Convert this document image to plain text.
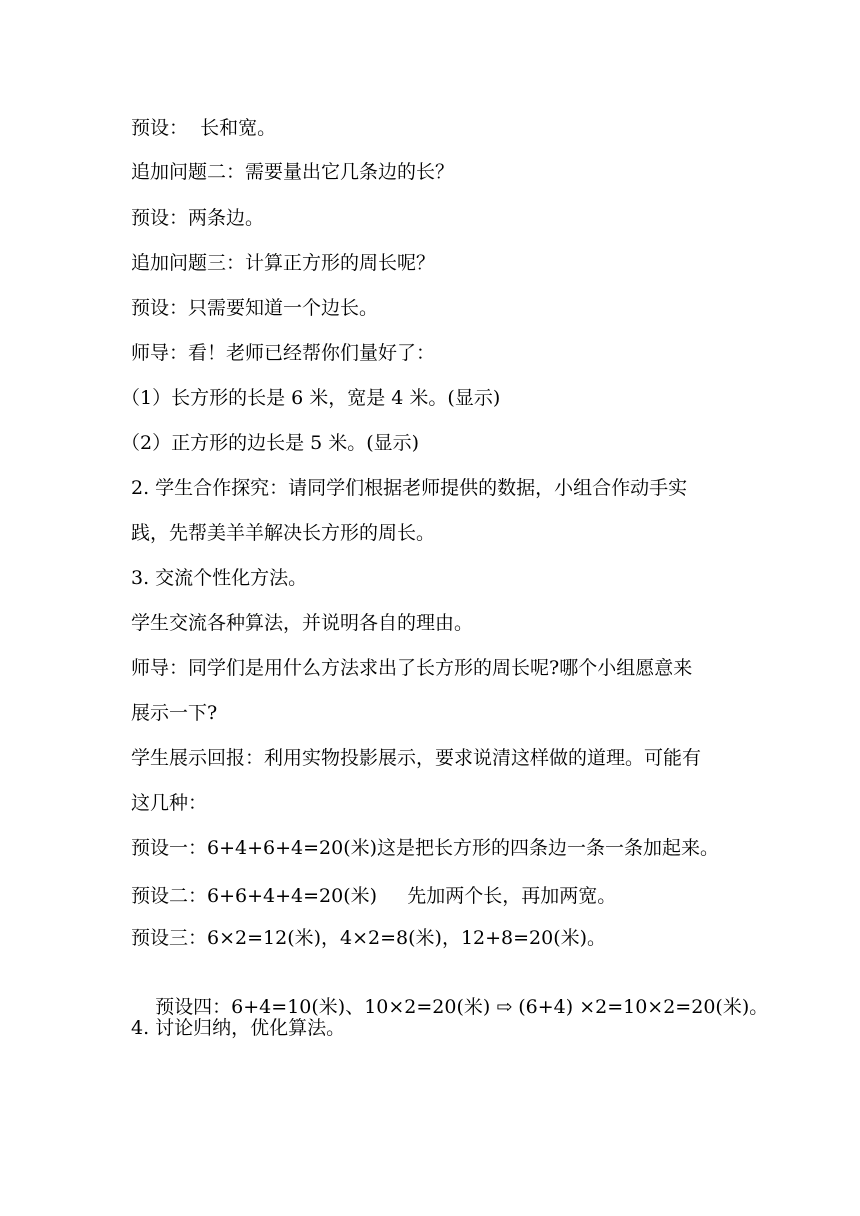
预设：  长和宽。
追加问题二：需要量出它几条边的长？
预设：两条边。
追加问题三：计算正方形的周长呢？
预设：只需要知道一个边长。
师导：看！老师已经帮你们量好了：
（1）长方形的长是 6 米，宽是 4 米。(显示)
（2）正方形的边长是 5 米。(显示)
2. 学生合作探究：请同学们根据老师提供的数据，小组合作动手实
践，先帮美羊羊解决长方形的周长。
3. 交流个性化方法。
学生交流各种算法，并说明各自的理由。
师导：同学们是用什么方法求出了长方形的周长呢?哪个小组愿意来
展示一下?
学生展示回报：利用实物投影展示，要求说清这样做的道理。可能有
这几种：
预设一：6+4+6+4=20(米)这是把长方形的四条边一条一条加起来。
预设二：6+6+4+4=20(米)     先加两个长，再加两宽。
预设三：6×2=12(米)，4×2=8(米)，12+8=20(米)。

预设四：6+4=10(米)、10×2=20(米) ⇨ (6+4) ×2=10×2=20(米)。

4. 讨论归纳，优化算法。
